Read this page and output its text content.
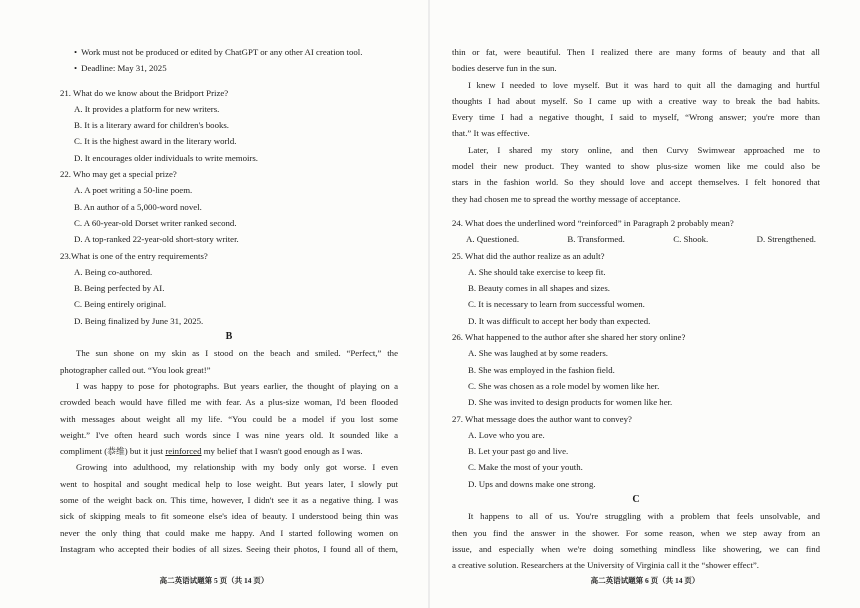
• Work must not be produced or edited by ChatGPT or any other AI creation tool.
• Deadline: May 31, 2025
21. What do we know about the Bridport Prize?
A. It provides a platform for new writers.
B. It is a literary award for children's books.
C. It is the highest award in the literary world.
D. It encourages older individuals to write memoirs.
22. Who may get a special prize?
A. A poet writing a 50-line poem.
B. An author of a 5,000-word novel.
C. A 60-year-old Dorset writer ranked second.
D. A top-ranked 22-year-old short-story writer.
23.What is one of the entry requirements?
A. Being co-authored.
B. Being perfected by AI.
C. Being entirely original.
D. Being finalized by June 31, 2025.
B
The sun shone on my skin as I stood on the beach and smiled. “Perfect,” the
photographer called out. “You look great!”
I was happy to pose for photographs. But years earlier, the thought of playing on a
crowded beach would have filled me with fear. As a plus-size woman, I'd been flooded
with messages about weight all my life. “You could be a model if you lost some
weight.” I've often heard such words since I was nine years old. It sounded like a
compliment (恭维) but it just reinforced my belief that I wasn't good enough as I was.
Growing into adulthood, my relationship with my body only got worse. I even
went to hospital and sought medical help to lose weight. But years later, I slowly put
some of the weight back on. This time, however, I didn't see it as a negative thing. I was
sick of skipping meals to fit someone else's idea of beauty. I understood being thin was
never the only thing that could make me happy. And I started following women on
Instagram who accepted their bodies of all sizes. Seeing their photos, I found all of them,
高二英语试题第 5 页（共 14 页）
thin or fat, were beautiful. Then I realized there are many forms of beauty and that all
bodies deserve fun in the sun.
I knew I needed to love myself. But it was hard to quit all the damaging and hurtful
thoughts I had about myself. So I came up with a creative way to break the bad habits.
Every time I had a negative thought, I said to myself, “Wrong answer; you're more than
that.” It was effective.
Later, I shared my story online, and then Curvy Swimwear approached me to
model their new product. They wanted to show plus-size women like me could also be
stars in the fashion world. So they should love and accept themselves. I felt honored that
they had chosen me to spread the worthy message of acceptance.
24. What does the underlined word “reinforced” in Paragraph 2 probably mean?
A. Questioned.	B. Transformed.	C. Shook.	D. Strengthened.
25. What did the author realize as an adult?
A. She should take exercise to keep fit.
B. Beauty comes in all shapes and sizes.
C. It is necessary to learn from successful women.
D. It was difficult to accept her body than expected.
26. What happened to the author after she shared her story online?
A. She was laughed at by some readers.
B. She was employed in the fashion field.
C. She was chosen as a role model by women like her.
D. She was invited to design products for women like her.
27. What message does the author want to convey?
A. Love who you are.
B. Let your past go and live.
C. Make the most of your youth.
D. Ups and downs make one strong.
C
It happens to all of us. You're struggling with a problem that feels unsolvable, and
then you find the answer in the shower. For some reason, when we step away from an
issue, and especially when we're doing something mindless like showering, we can find
a creative solution. Researchers at the University of Virginia call it the “shower effect”.
高二英语试题第 6 页（共 14 页）
